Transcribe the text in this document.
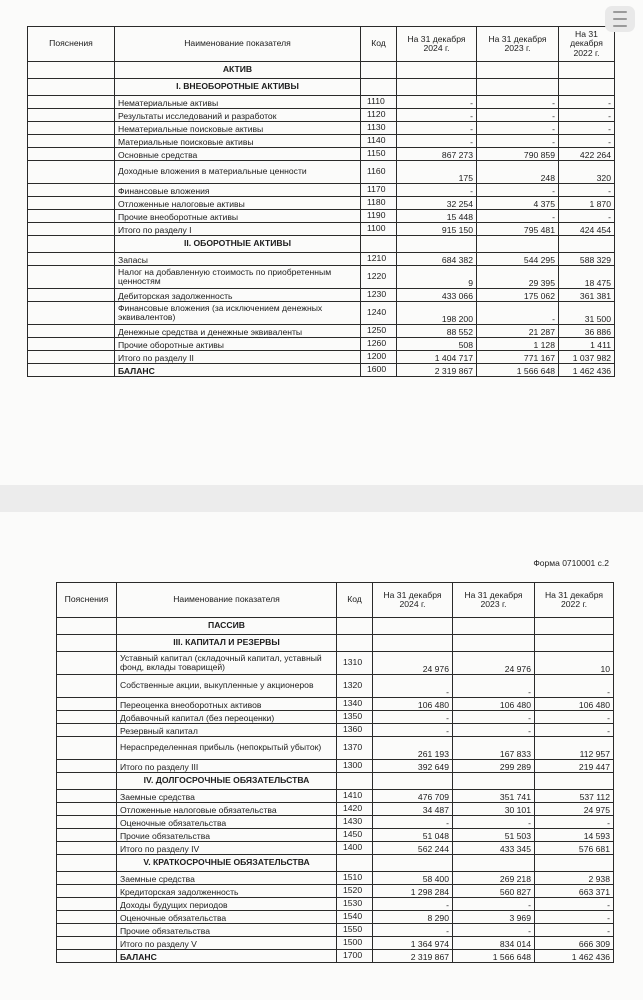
Пояснения	Наименование показателя	Код	На 31 декабря 2024 г.	На 31 декабря 2023 г.	На 31 декабря 2022 г.
	АКТИВ				
	I. ВНЕОБОРОТНЫЕ АКТИВЫ				
	Нематериальные активы	1110	-	-	-
	Результаты исследований и разработок	1120	-	-	-
	Нематериальные поисковые активы	1130	-	-	-
	Материальные поисковые активы	1140	-	-	-
	Основные средства	1150	867 273	790 859	422 264
	Доходные вложения в материальные ценности	1160	175	248	320
	Финансовые вложения	1170	-	-	-
	Отложенные налоговые активы	1180	32 254	4 375	1 870
	Прочие внеоборотные активы	1190	15 448	-	-
	Итого по разделу I	1100	915 150	795 481	424 454
	II. ОБОРОТНЫЕ АКТИВЫ				
	Запасы	1210	684 382	544 295	588 329
	Налог на добавленную стоимость по приобретенным ценностям	1220	9	29 395	18 475
	Дебиторская задолженность	1230	433 066	175 062	361 381
	Финансовые вложения (за исключением денежных эквивалентов)	1240	198 200	-	31 500
	Денежные средства и денежные эквиваленты	1250	88 552	21 287	36 886
	Прочие оборотные активы	1260	508	1 128	1 411
	Итого по разделу II	1200	1 404 717	771 167	1 037 982
	БАЛАНС	1600	2 319 867	1 566 648	1 462 436
Форма 0710001 с.2
Пояснения	Наименование показателя	Код	На 31 декабря 2024 г.	На 31 декабря 2023 г.	На 31 декабря 2022 г.
	ПАССИВ				
	III. КАПИТАЛ И РЕЗЕРВЫ				
	Уставный капитал (складочный капитал, уставный фонд, вклады товарищей)	1310	24 976	24 976	10
	Собственные акции, выкупленные у акционеров	1320	-	-	-
	Переоценка внеоборотных активов	1340	106 480	106 480	106 480
	Добавочный капитал (без переоценки)	1350	-	-	-
	Резервный капитал	1360	-	-	-
	Нераспределенная прибыль (непокрытый убыток)	1370	261 193	167 833	112 957
	Итого по разделу III	1300	392 649	299 289	219 447
	IV. ДОЛГОСРОЧНЫЕ ОБЯЗАТЕЛЬСТВА				
	Заемные средства	1410	476 709	351 741	537 112
	Отложенные налоговые обязательства	1420	34 487	30 101	24 975
	Оценочные обязательства	1430	-	-	-
	Прочие обязательства	1450	51 048	51 503	14 593
	Итого по разделу IV	1400	562 244	433 345	576 681
	V. КРАТКОСРОЧНЫЕ ОБЯЗАТЕЛЬСТВА				
	Заемные средства	1510	58 400	269 218	2 938
	Кредиторская задолженность	1520	1 298 284	560 827	663 371
	Доходы будущих периодов	1530	-	-	-
	Оценочные обязательства	1540	8 290	3 969	-
	Прочие обязательства	1550	-	-	-
	Итого по разделу V	1500	1 364 974	834 014	666 309
	БАЛАНС	1700	2 319 867	1 566 648	1 462 436
